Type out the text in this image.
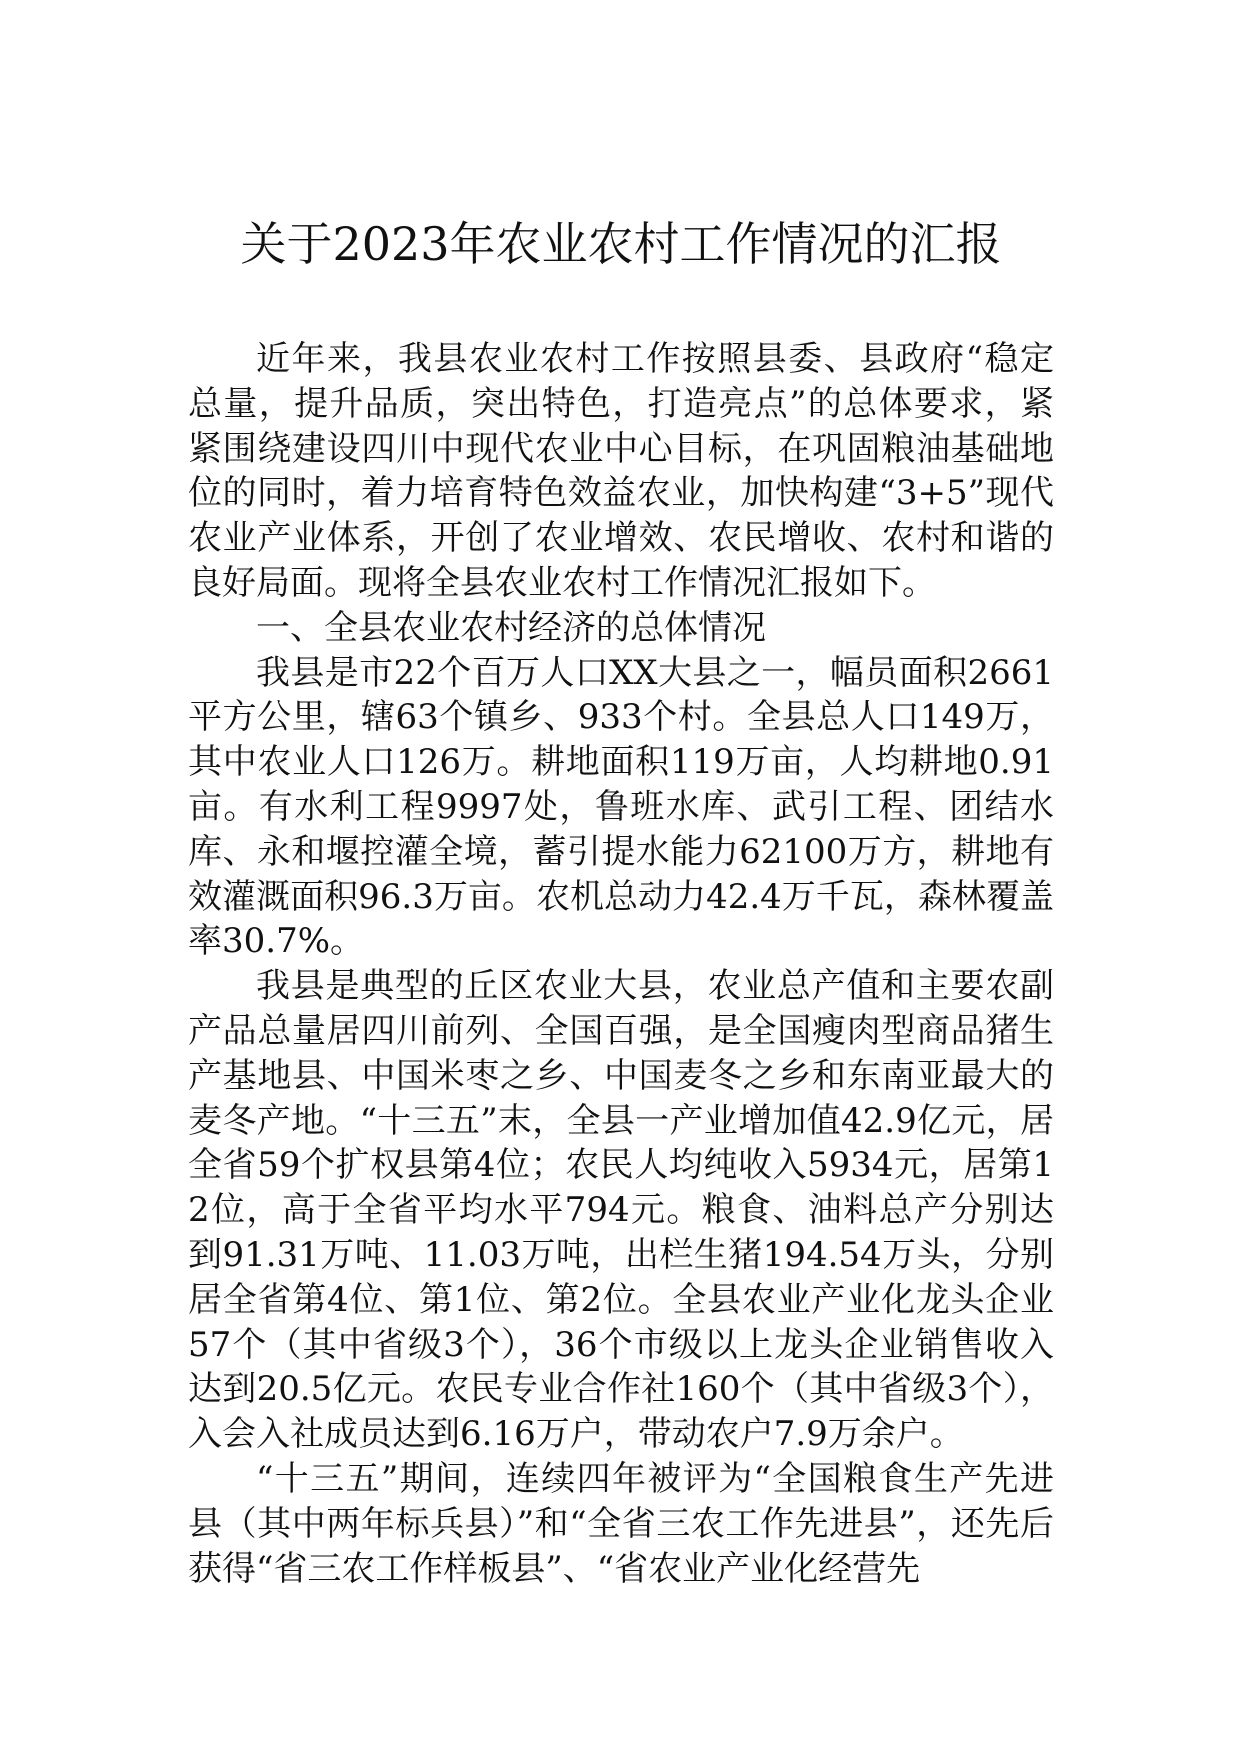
关于2023年农业农村工作情况的汇报

近年来，我县农业农村工作按照县委、县政府“稳定总量，提升品质，突出特色，打造亮点”的总体要求，紧紧围绕建设四川中现代农业中心目标，在巩固粮油基础地位的同时，着力培育特色效益农业，加快构建“3+5”现代农业产业体系，开创了农业增效、农民增收、农村和谐的良好局面。现将全县农业农村工作情况汇报如下。

一、全县农业农村经济的总体情况

我县是市22个百万人口XX大县之一，幅员面积2661平方公里，辖63个镇乡、933个村。全县总人口149万，其中农业人口126万。耕地面积119万亩，人均耕地0.91亩。有水利工程9997处，鲁班水库、武引工程、团结水库、永和堰控灌全境，蓄引提水能力62100万方，耕地有效灌溉面积96.3万亩。农机总动力42.4万千瓦，森林覆盖率30.7%。

我县是典型的丘区农业大县，农业总产值和主要农副产品总量居四川前列、全国百强，是全国瘦肉型商品猪生产基地县、中国米枣之乡、中国麦冬之乡和东南亚最大的麦冬产地。“十三五”末，全县一产业增加值42.9亿元，居全省59个扩权县第4位；农民人均纯收入5934元，居第12位，高于全省平均水平794元。粮食、油料总产分别达到91.31万吨、11.03万吨，出栏生猪194.54万头，分别居全省第4位、第1位、第2位。全县农业产业化龙头企业57个（其中省级3个），36个市级以上龙头企业销售收入达到20.5亿元。农民专业合作社160个（其中省级3个），入会入社成员达到6.16万户，带动农户7.9万余户。

“十三五”期间，连续四年被评为“全国粮食生产先进县（其中两年标兵县）”和“全省三农工作先进县”，还先后获得“省三农工作样板县”、“省农业产业化经营先
